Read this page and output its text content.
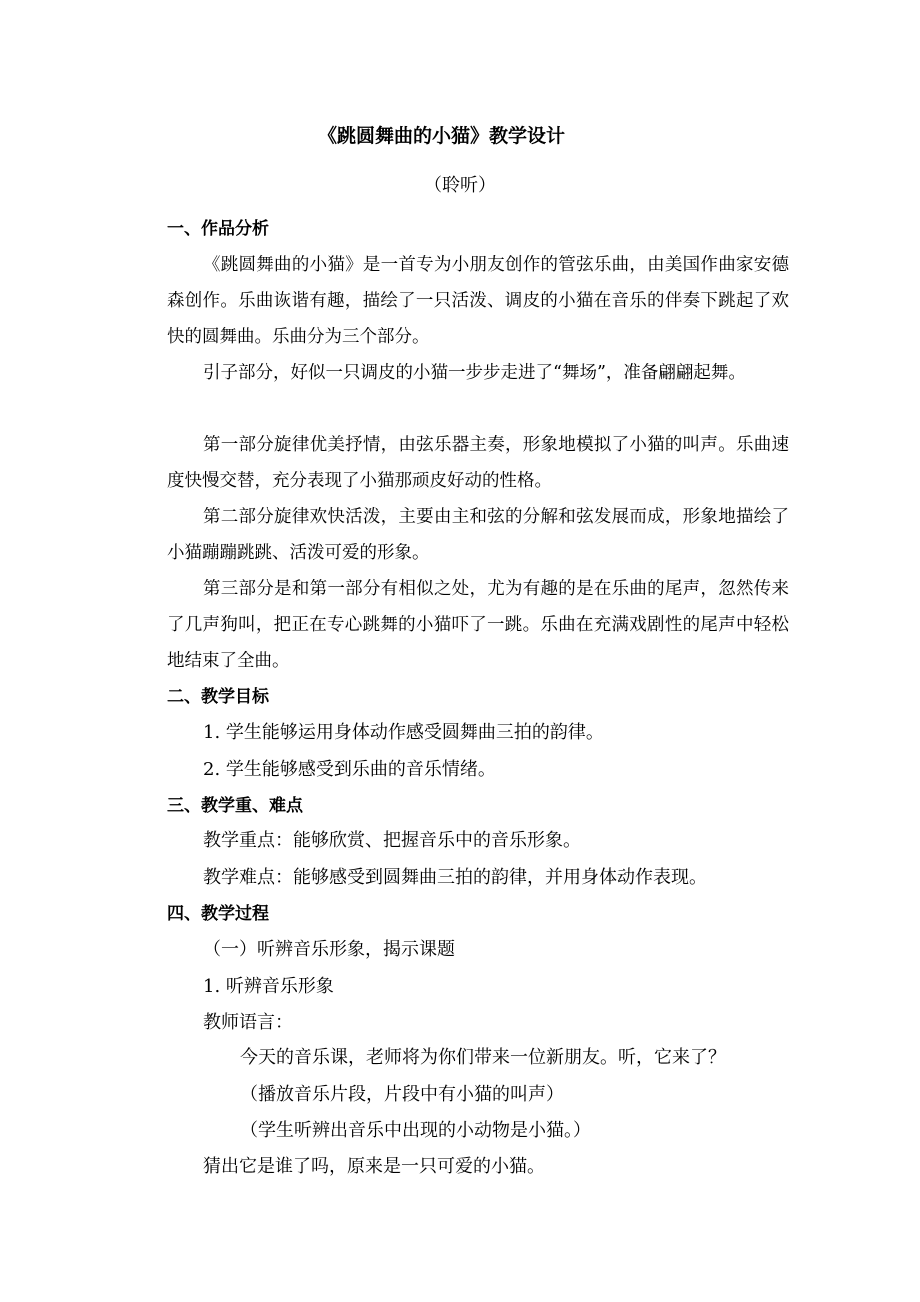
《跳圆舞曲的小猫》教学设计
（聆听）
一、作品分析
《跳圆舞曲的小猫》是一首专为小朋友创作的管弦乐曲，由美国作曲家安德森创作。乐曲诙谐有趣，描绘了一只活泼、调皮的小猫在音乐的伴奏下跳起了欢快的圆舞曲。乐曲分为三个部分。
引子部分，好似一只调皮的小猫一步步走进了“舞场”，准备翩翩起舞。
第一部分旋律优美抒情，由弦乐器主奏，形象地模拟了小猫的叫声。乐曲速度快慢交替，充分表现了小猫那顽皮好动的性格。
第二部分旋律欢快活泼，主要由主和弦的分解和弦发展而成，形象地描绘了小猫蹦蹦跳跳、活泼可爱的形象。
第三部分是和第一部分有相似之处，尤为有趣的是在乐曲的尾声，忽然传来了几声狗叫，把正在专心跳舞的小猫吓了一跳。乐曲在充满戏剧性的尾声中轻松地结束了全曲。
二、教学目标
1. 学生能够运用身体动作感受圆舞曲三拍的韵律。
2. 学生能够感受到乐曲的音乐情绪。
三、教学重、难点
教学重点：能够欣赏、把握音乐中的音乐形象。
教学难点：能够感受到圆舞曲三拍的韵律，并用身体动作表现。
四、教学过程
（一）听辨音乐形象，揭示课题
1. 听辨音乐形象
教师语言：
今天的音乐课，老师将为你们带来一位新朋友。听，它来了？
（播放音乐片段，片段中有小猫的叫声）
（学生听辨出音乐中出现的小动物是小猫。）
猜出它是谁了吗，原来是一只可爱的小猫。
